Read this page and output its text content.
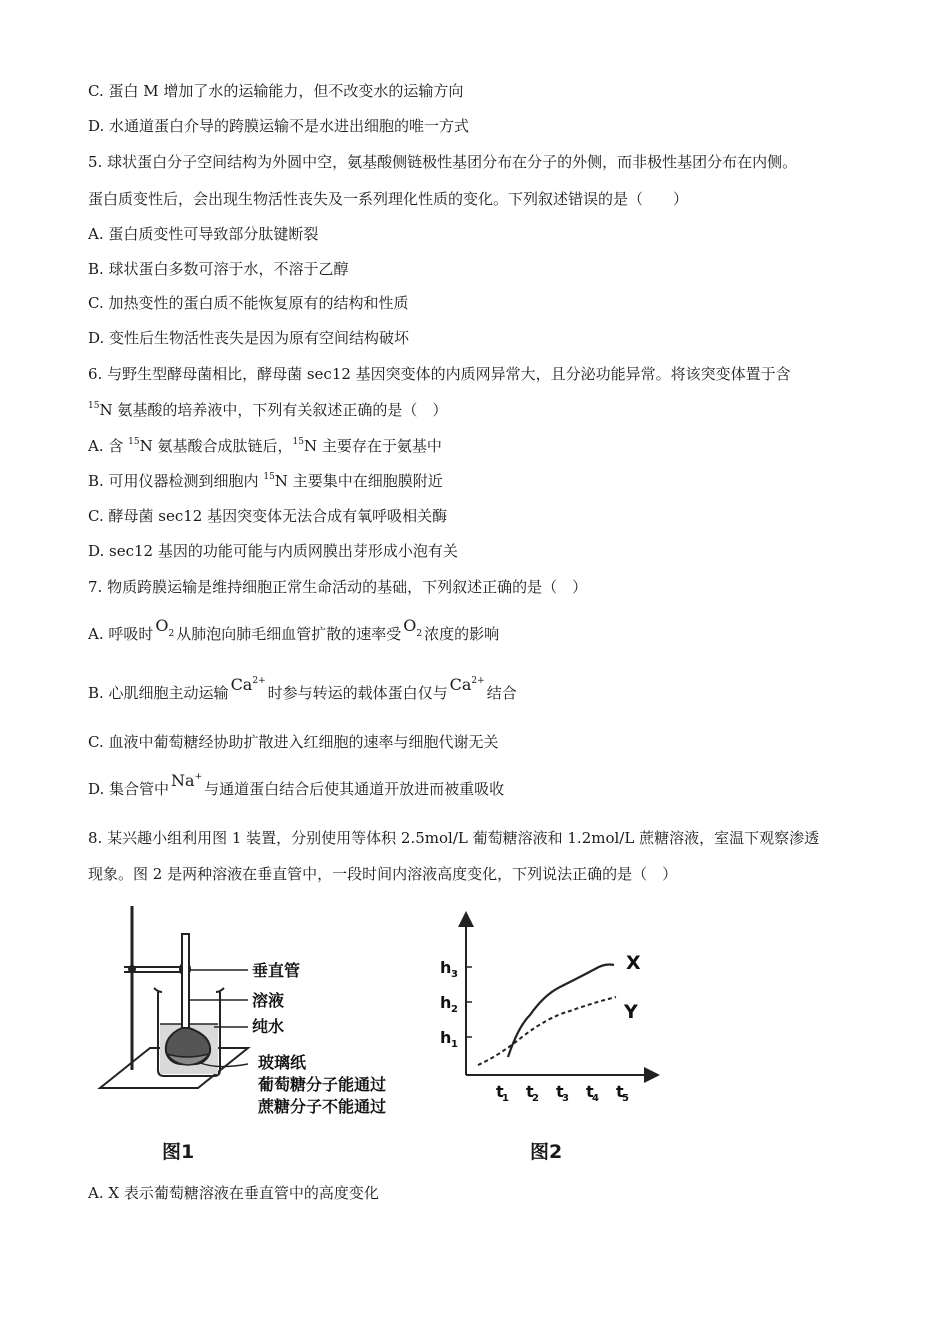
C. 蛋白 M 增加了水的运输能力，但不改变水的运输方向
D. 水通道蛋白介导的跨膜运输不是水进出细胞的唯一方式
5. 球状蛋白分子空间结构为外圆中空，氨基酸侧链极性基团分布在分子的外侧，而非极性基团分布在内侧。
蛋白质变性后，会出现生物活性丧失及一系列理化性质的变化。下列叙述错误的是（　　）
A. 蛋白质变性可导致部分肽键断裂
B. 球状蛋白多数可溶于水，不溶于乙醇
C. 加热变性的蛋白质不能恢复原有的结构和性质
D. 变性后生物活性丧失是因为原有空间结构破坏
6. 与野生型酵母菌相比，酵母菌 sec12 基因突变体的内质网异常大，且分泌功能异常。将该突变体置于含
$^{15}$N 氨基酸的培养液中，下列有关叙述正确的是（　）
A. 含 $^{15}$N 氨基酸合成肽链后，$^{15}$N 主要存在于氨基中
B. 可用仪器检测到细胞内 $^{15}$N 主要集中在细胞膜附近
C. 酵母菌 sec12 基因突变体无法合成有氧呼吸相关酶
D. sec12 基因的功能可能与内质网膜出芽形成小泡有关
7. 物质跨膜运输是维持细胞正常生命活动的基础，下列叙述正确的是（　）
A. 呼吸时 $O_2$ 从肺泡向肺毛细血管扩散的速率受 $O_2$ 浓度的影响
B. 心肌细胞主动运输 $Ca^{2+}$时参与转运的载体蛋白仅与 $Ca^{2+}$结合
C. 血液中葡萄糖经协助扩散进入红细胞的速率与细胞代谢无关
D. 集合管中 Na+与通道蛋白结合后使其通道开放进而被重吸收
8. 某兴趣小组利用图 1 装置，分别使用等体积 2.5mol/L 葡萄糖溶液和 1.2mol/L 蔗糖溶液，室温下观察渗透
现象。图 2 是两种溶液在垂直管中，一段时间内溶液高度变化，下列说法正确的是（　）
垂直管
溶液
纯水
玻璃纸
葡萄糖分子能通过
蔗糖分子不能通过
图1
h 3
h 2
h 1
t
1 t
2 t
3 t
4 t
5
X
Y
图2
A. X 表示葡萄糖溶液在垂直管中的高度变化
